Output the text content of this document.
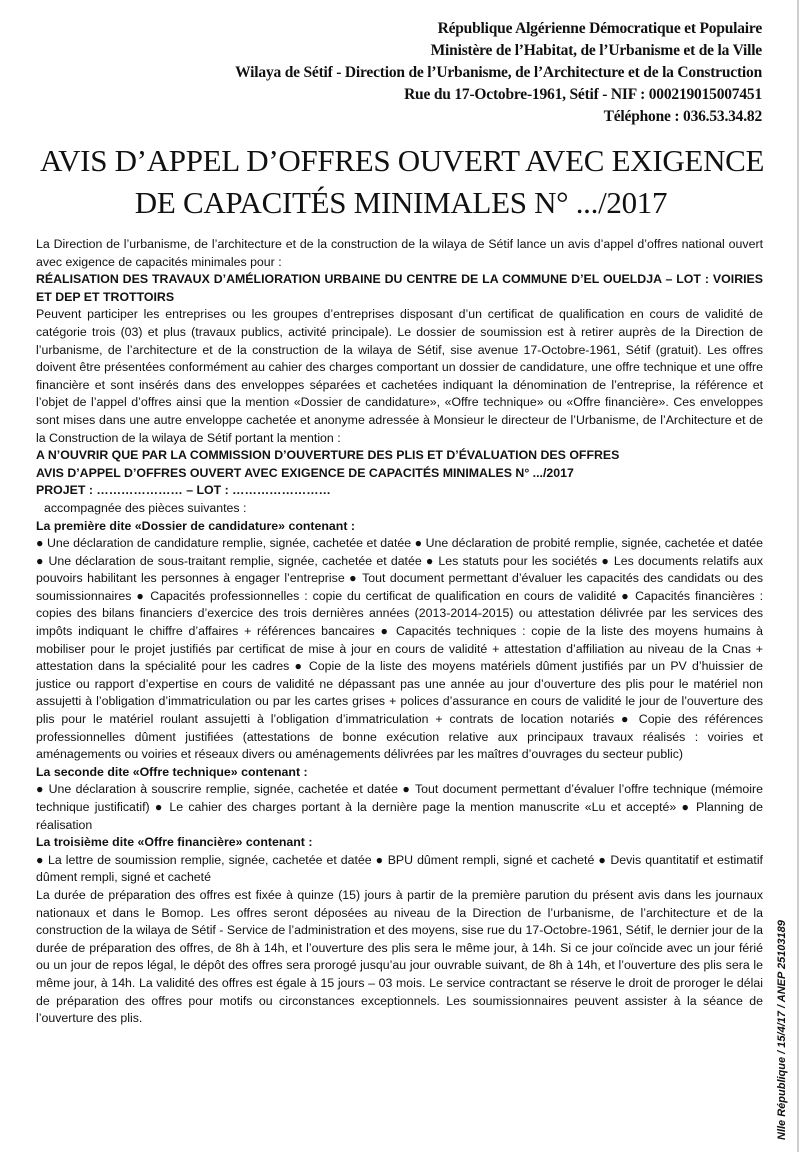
République Algérienne Démocratique et Populaire
Ministère de l’Habitat, de l’Urbanisme et de la Ville
Wilaya de Sétif - Direction de l’Urbanisme, de l’Architecture et de la Construction
Rue du 17-Octobre-1961, Sétif - NIF : 000219015007451
Téléphone : 036.53.34.82
AVIS D’APPEL D’OFFRES OUVERT AVEC EXIGENCE
DE CAPACITÉS MINIMALES N° .../2017

La Direction de l’urbanisme, de l’architecture et de la construction de la wilaya de Sétif lance un avis d’appel d’offres national ouvert avec exigence de capacités minimales pour :

RÉALISATION DES TRAVAUX D’AMÉLIORATION URBAINE DU CENTRE DE LA COMMUNE D’EL OUELDJA – LOT : VOIRIES ET DEP ET TROTTOIRS

Peuvent participer les entreprises ou les groupes d’entreprises disposant d’un certificat de qualification en cours de validité de catégorie trois (03) et plus (travaux publics, activité principale). Le dossier de soumission est à retirer auprès de la Direction de l’urbanisme, de l’architecture et de la construction de la wilaya de Sétif, sise avenue 17-Octobre-1961, Sétif (gratuit). Les offres doivent être présentées conformément au cahier des charges comportant un dossier de candidature, une offre technique et une offre financière et sont insérés dans des enveloppes séparées et cachetées indiquant la dénomination de l’entreprise, la référence et l’objet de l’appel d’offres ainsi que la mention «Dossier de candidature», «Offre technique» ou «Offre financière». Ces enveloppes sont mises dans une autre enveloppe cachetée et anonyme adressée à Monsieur le directeur de l’Urbanisme, de l’Architecture et de la Construction de la wilaya de Sétif portant la mention :

A N’OUVRIR QUE PAR LA COMMISSION D’OUVERTURE DES PLIS ET D’ÉVALUATION DES OFFRES

AVIS D’APPEL D’OFFRES OUVERT AVEC EXIGENCE DE CAPACITÉS MINIMALES N° .../2017

PROJET : ………………… – LOT : ……………………

accompagnée des pièces suivantes :

La première dite «Dossier de candidature» contenant :

● Une déclaration de candidature remplie, signée, cachetée et datée ● Une déclaration de probité remplie, signée, cachetée et datée ● Une déclaration de sous-traitant remplie, signée, cachetée et datée ● Les statuts pour les sociétés ● Les documents relatifs aux pouvoirs habilitant les personnes à engager l’entreprise ● Tout document permettant d’évaluer les capacités des candidats ou des soumissionnaires ● Capacités professionnelles : copie du certificat de qualification en cours de validité ● Capacités financières : copies des bilans financiers d’exercice des trois dernières années (2013-2014-2015) ou attestation délivrée par les services des impôts indiquant le chiffre d’affaires + références bancaires ● Capacités techniques : copie de la liste des moyens humains à mobiliser pour le projet justifiés par certificat de mise à jour en cours de validité + attestation d’affiliation au niveau de la Cnas + attestation dans la spécialité pour les cadres ● Copie de la liste des moyens matériels dûment justifiés par un PV d’huissier de justice ou rapport d’expertise en cours de validité ne dépassant pas une année au jour d’ouverture des plis pour le matériel non assujetti à l’obligation d’immatriculation ou par les cartes grises + polices d’assurance en cours de validité le jour de l’ouverture des plis pour le matériel roulant assujetti à l’obligation d’immatriculation + contrats de location notariés ● Copie des références professionnelles dûment justifiées (attestations de bonne exécution relative aux principaux travaux réalisés : voiries et aménagements ou voiries et réseaux divers ou aménagements délivrées par les maîtres d’ouvrages du secteur public)

La seconde dite «Offre technique» contenant :

● Une déclaration à souscrire remplie, signée, cachetée et datée ● Tout document permettant d’évaluer l’offre technique (mémoire technique justificatif) ● Le cahier des charges portant à la dernière page la mention manuscrite «Lu et accepté» ● Planning de réalisation

La troisième dite «Offre financière» contenant :

● La lettre de soumission remplie, signée, cachetée et datée ● BPU dûment rempli, signé et cacheté ● Devis quantitatif et estimatif dûment rempli, signé et cacheté

La durée de préparation des offres est fixée à quinze (15) jours à partir de la première parution du présent avis dans les journaux nationaux et dans le Bomop. Les offres seront déposées au niveau de la Direction de l’urbanisme, de l’architecture et de la construction de la wilaya de Sétif - Service de l’administration et des moyens, sise rue du 17-Octobre-1961, Sétif, le dernier jour de la durée de préparation des offres, de 8h à 14h, et l’ouverture des plis sera le même jour, à 14h. Si ce jour coïncide avec un jour férié ou un jour de repos légal, le dépôt des offres sera prorogé jusqu’au jour ouvrable suivant, de 8h à 14h, et l’ouverture des plis sera le même jour, à 14h. La validité des offres est égale à 15 jours – 03 mois. Le service contractant se réserve le droit de proroger le délai de préparation des offres pour motifs ou circonstances exceptionnels. Les soumissionnaires peuvent assister à la séance de l’ouverture des plis.	Nlle République / 15/4/17 / ANEP 25103189
